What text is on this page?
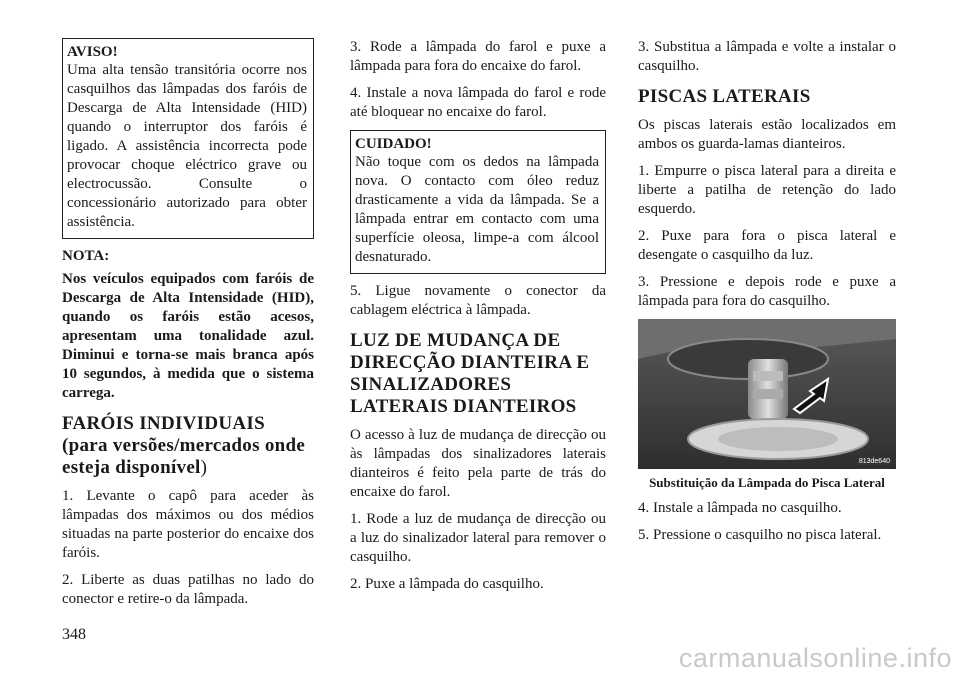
AVISO!
Uma alta tensão transitória ocorre nos casquilhos das lâmpadas dos faróis de Descarga de Alta Intensidade (HID) quando o interruptor dos faróis é ligado. A assistência incorrecta pode provocar choque eléctrico grave ou electrocussão. Consulte o concessionário autorizado para obter assistência.

NOTA:

Nos veículos equipados com faróis de Descarga de Alta Intensidade (HID), quando os faróis estão acesos, apresentam uma tonalidade azul. Diminui e torna-se mais branca após 10 segundos, à medida que o sistema carrega.

FARÓIS INDIVIDUAIS
(para versões/mercados onde esteja disponível)

1. Levante o capô para aceder às lâmpadas dos máximos ou dos médios situadas na parte posterior do encaixe dos faróis.

2. Liberte as duas patilhas no lado do conector e retire-o da lâmpada.

3. Rode a lâmpada do farol e puxe a lâmpada para fora do encaixe do farol.

4. Instale a nova lâmpada do farol e rode até bloquear no encaixe do farol.

CUIDADO!
Não toque com os dedos na lâmpada nova. O contacto com óleo reduz drasticamente a vida da lâmpada. Se a lâmpada entrar em contacto com uma superfície oleosa, limpe-a com álcool desnaturado.

5. Ligue novamente o conector da cablagem eléctrica à lâmpada.

LUZ DE MUDANÇA DE DIRECÇÃO DIANTEIRA E SINALIZADORES LATERAIS DIANTEIROS

O acesso à luz de mudança de direcção ou às lâmpadas dos sinalizadores laterais dianteiros é feito pela parte de trás do encaixe do farol.

1. Rode a luz de mudança de direcção ou a luz do sinalizador lateral para remover o casquilho.

2. Puxe a lâmpada do casquilho.

3. Substitua a lâmpada e volte a instalar o casquilho.

PISCAS LATERAIS

Os piscas laterais estão localizados em ambos os guarda-lamas dianteiros.

1. Empurre o pisca lateral para a direita e liberte a patilha de retenção do lado esquerdo.

2. Puxe para fora o pisca lateral e desengate o casquilho da luz.

3. Pressione e depois rode e puxe a lâmpada para fora do casquilho.

813de640

Substituição da Lâmpada do Pisca Lateral

4. Instale a lâmpada no casquilho.

5. Pressione o casquilho no pisca lateral.

348
carmanualsonline.info
